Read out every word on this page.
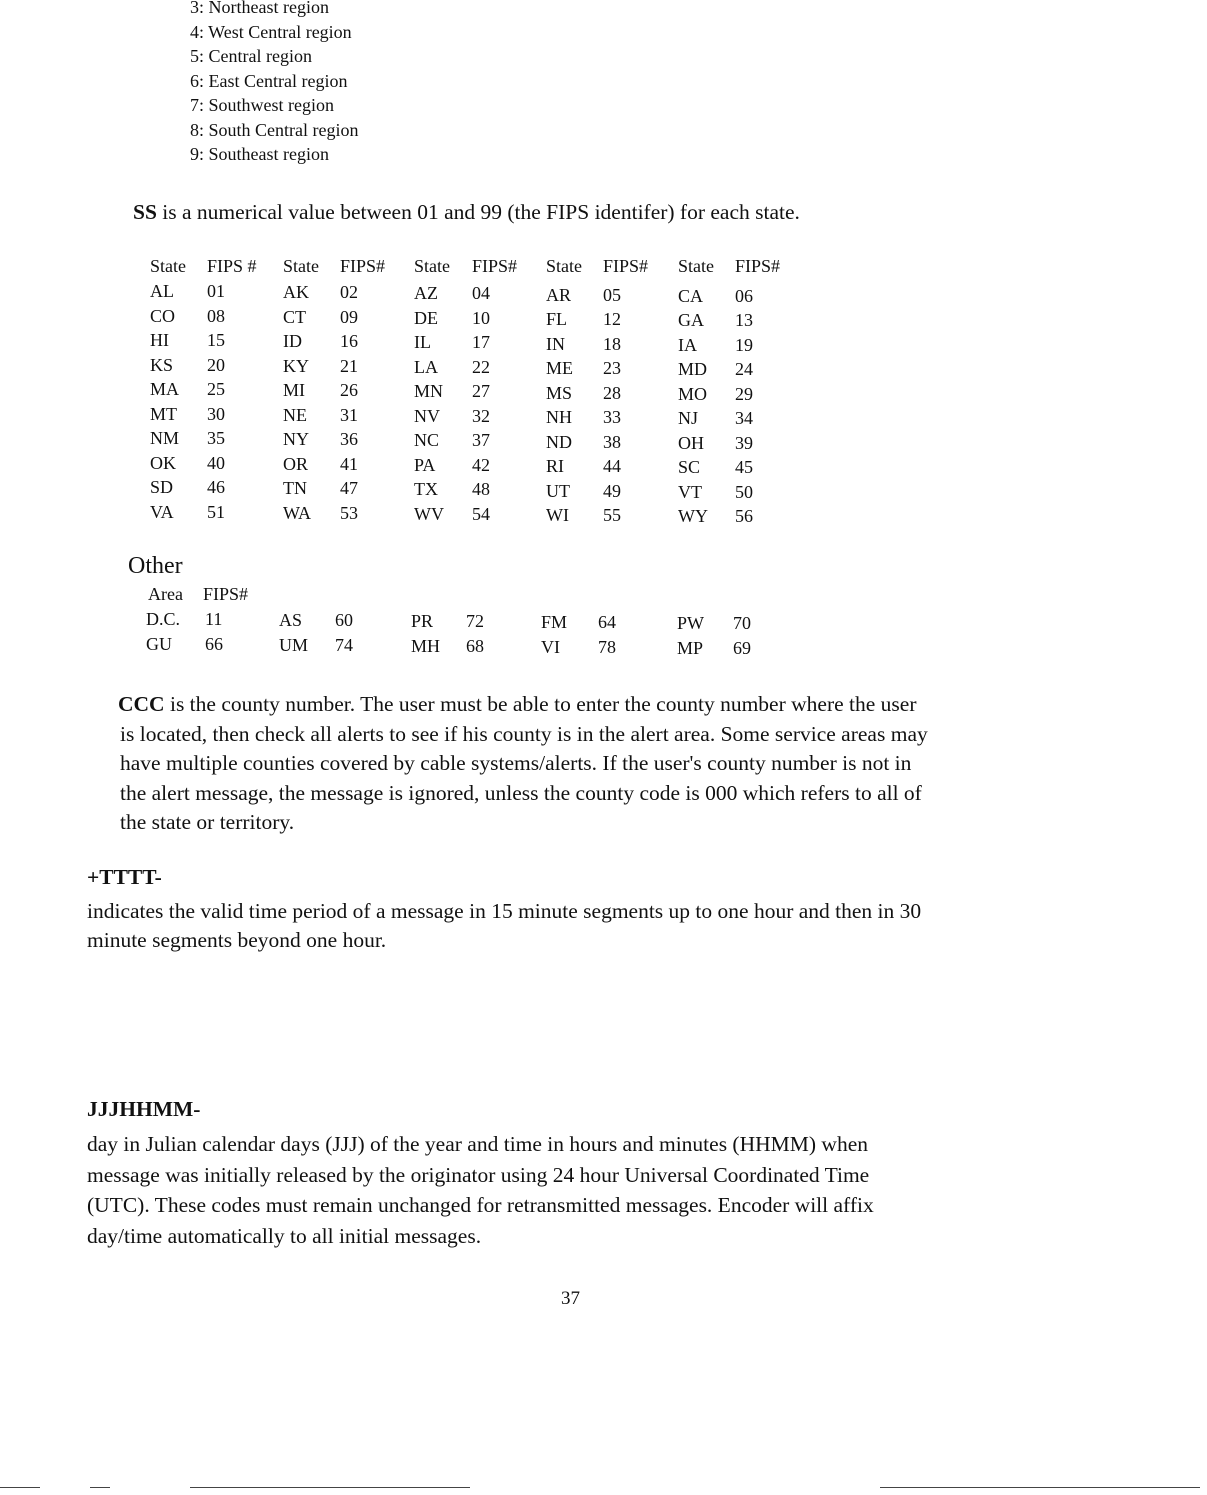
3: Northeast region
4: West Central region
5: Central region
6: East Central region
7: Southwest region
8: South Central region
9: Southeast region
SS is a numerical value between 01 and 99 (the FIPS identifer) for each state.
State FIPS # State FIPS# State FIPS# State FIPS# State FIPS#
AL 01	AK 02	AZ 04	AR 05	CA 06
CO 08	CT 09	DE 10	FL 12	GA 13
HI 15	ID 16	IL 17	IN 18	IA 19
KS 20	KY 21	LA 22	ME 23	MD 24
MA 25	MI 26	MN 27	MS 28	MO 29
MT 30	NE 31	NV 32	NH 33	NJ 34
NM 35	NY 36	NC 37	ND 38	OH 39
OK 40	OR 41	PA 42	RI 44	SC 45
SD 46	TN 47	TX 48	UT 49	VT 50
VA 51	WA 53	WV 54	WI 55	WY 56
Other
Area FIPS#
D.C. 11	AS 60	PR 72	FM 64	PW 70
GU 66	UM 74	MH 68	VI 78	MP 69
CCC is the county number. The user must be able to enter the county number where the user
is located, then check all alerts to see if his county is in the alert area. Some service areas may
have multiple counties covered by cable systems/alerts. If the user's county number is not in
the alert message, the message is ignored, unless the county code is 000 which refers to all of
the state or territory.
+TTTT-
indicates the valid time period of a message in 15 minute segments up to one hour and then in 30
minute segments beyond one hour.
JJJHHMM-
day in Julian calendar days (JJJ) of the year and time in hours and minutes (HHMM) when
message was initially released by the originator using 24 hour Universal Coordinated Time
(UTC). These codes must remain unchanged for retransmitted messages. Encoder will affix
day/time automatically to all initial messages.
37
